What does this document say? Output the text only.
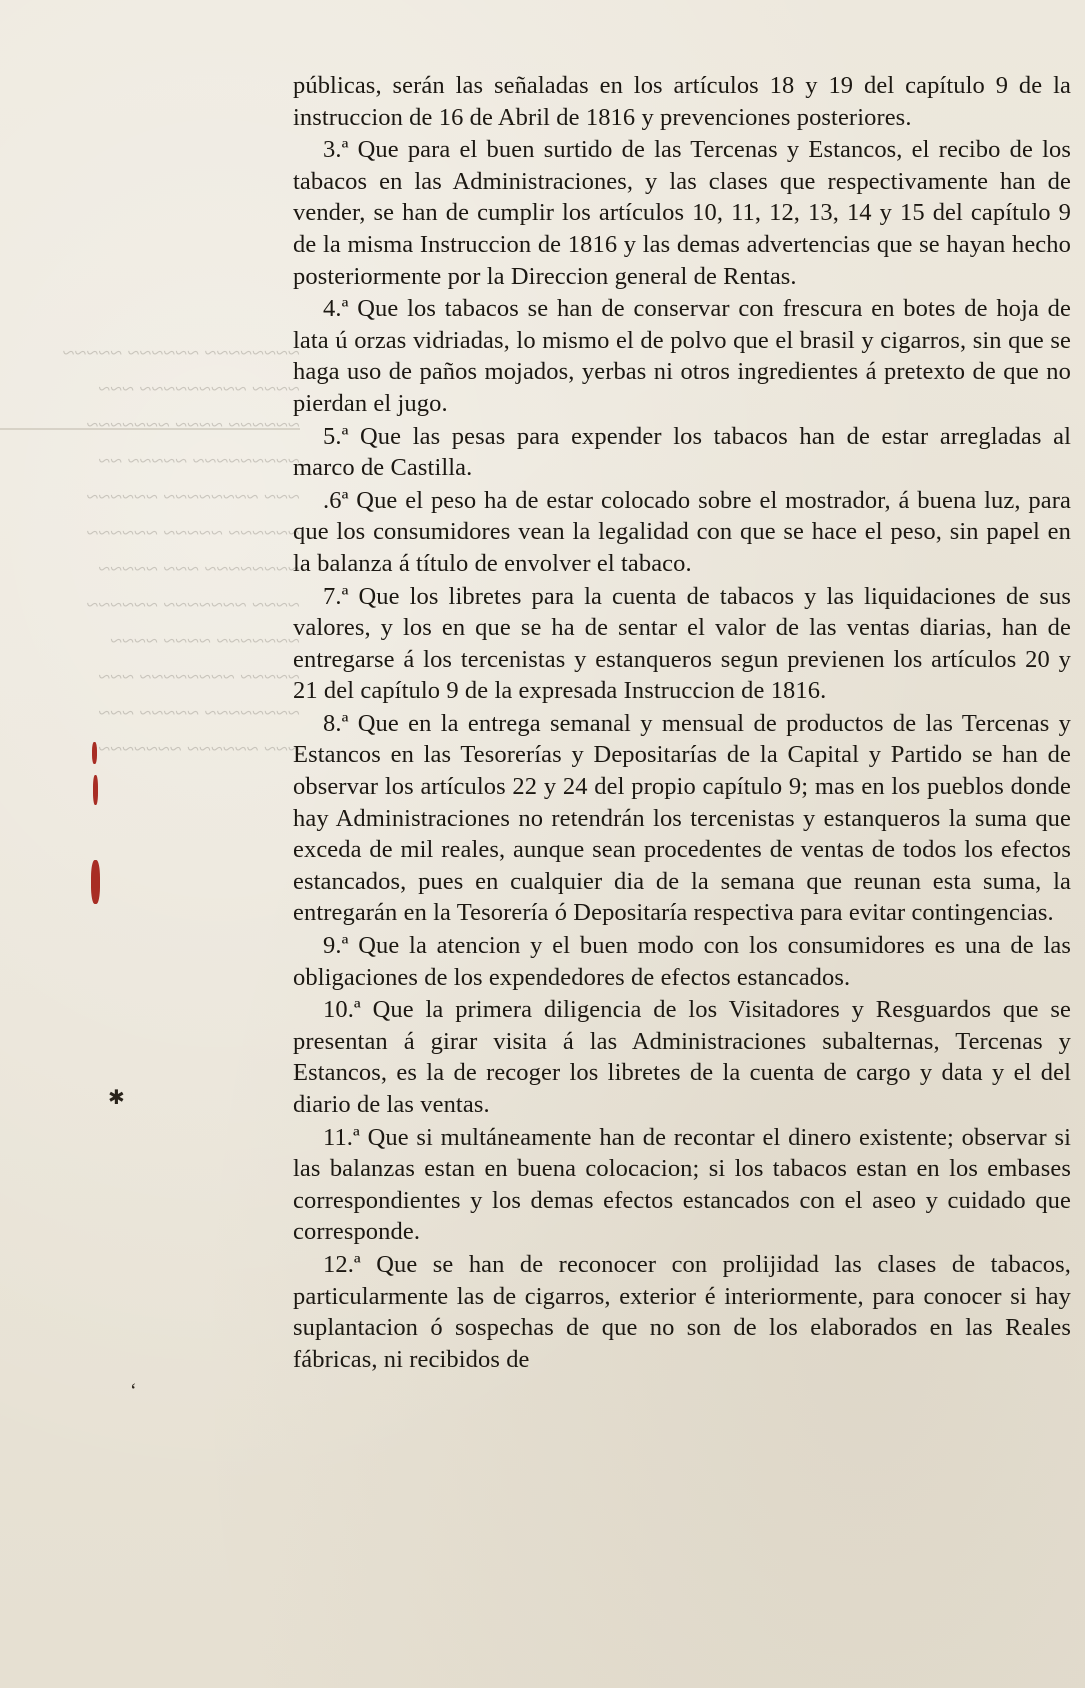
~~~~~~~~ ~~~~~~ ~~~~~
~~~~ ~~~~~~~~~ ~~~
~~~~~~ ~~~~ ~~~~~~~
~~~~~~~~~ ~~~~~ ~~
~~~ ~~~~~~~~ ~~~~~~
~~~~~~ ~~~~~ ~~~~~~
~~~~~~~~ ~~~ ~~~~~
~~~~ ~~~~~~~ ~~~~~~
~~~~~~~ ~~~~ ~~~~
~~~~~ ~~~~~~~~ ~~~
~~~~~~~~ ~~~~~ ~~~
~~~ ~~~~~~ ~~~~~~~
✱
ʻ

públicas, serán las señaladas en los artículos 18 y 19 del capítulo 9 de la instruccion de 16 de Abril de 1816 y prevenciones posteriores.

3.ª Que para el buen surtido de las Tercenas y Estancos, el recibo de los tabacos en las Administraciones, y las clases que respectivamente han de vender, se han de cumplir los artículos 10, 11, 12, 13, 14 y 15 del capítulo 9 de la misma Instruccion de 1816 y las demas advertencias que se hayan hecho posteriormente por la Direccion general de Rentas.

4.ª Que los tabacos se han de conservar con frescura en botes de hoja de lata ú orzas vidriadas, lo mismo el de polvo que el brasil y cigarros, sin que se haga uso de paños mojados, yerbas ni otros ingredientes á pretexto de que no pierdan el jugo.

5.ª Que las pesas para expender los tabacos han de estar arregladas al marco de Castilla.

.6ª Que el peso ha de estar colocado sobre el mostrador, á buena luz, para que los consumidores vean la legalidad con que se hace el peso, sin papel en la balanza á título de envolver el tabaco.

7.ª Que los libretes para la cuenta de tabacos y las liquidaciones de sus valores, y los en que se ha de sentar el valor de las ventas diarias, han de entregarse á los tercenistas y estanqueros segun previenen los artículos 20 y 21 del capítulo 9 de la expresada Instruccion de 1816.

8.ª Que en la entrega semanal y mensual de productos de las Tercenas y Estancos en las Tesorerías y Depositarías de la Capital y Partido se han de observar los artículos 22 y 24 del propio capítulo 9; mas en los pueblos donde hay Administraciones no retendrán los tercenistas y estanqueros la suma que exceda de mil reales, aunque sean procedentes de ventas de todos los efectos estancados, pues en cualquier dia de la semana que reunan esta suma, la entregarán en la Tesorería ó Depositaría respectiva para evitar contingencias.

9.ª Que la atencion y el buen modo con los consumidores es una de las obligaciones de los expendedores de efectos estancados.

10.ª Que la primera diligencia de los Visitadores y Resguardos que se presentan á girar visita á las Administraciones subalternas, Tercenas y Estancos, es la de recoger los libretes de la cuenta de cargo y data y el del diario de las ventas.

11.ª Que si multáneamente han de recontar el dinero existente; observar si las balanzas estan en buena colocacion; si los tabacos estan en los embases correspondientes y los demas efectos estancados con el aseo y cuidado que corresponde.

12.ª Que se han de reconocer con prolijidad las clases de tabacos, particularmente las de cigarros, exterior é interiormente, para conocer si hay suplantacion ó sospechas de que no son de los elaborados en las Reales fábricas, ni recibidos de
